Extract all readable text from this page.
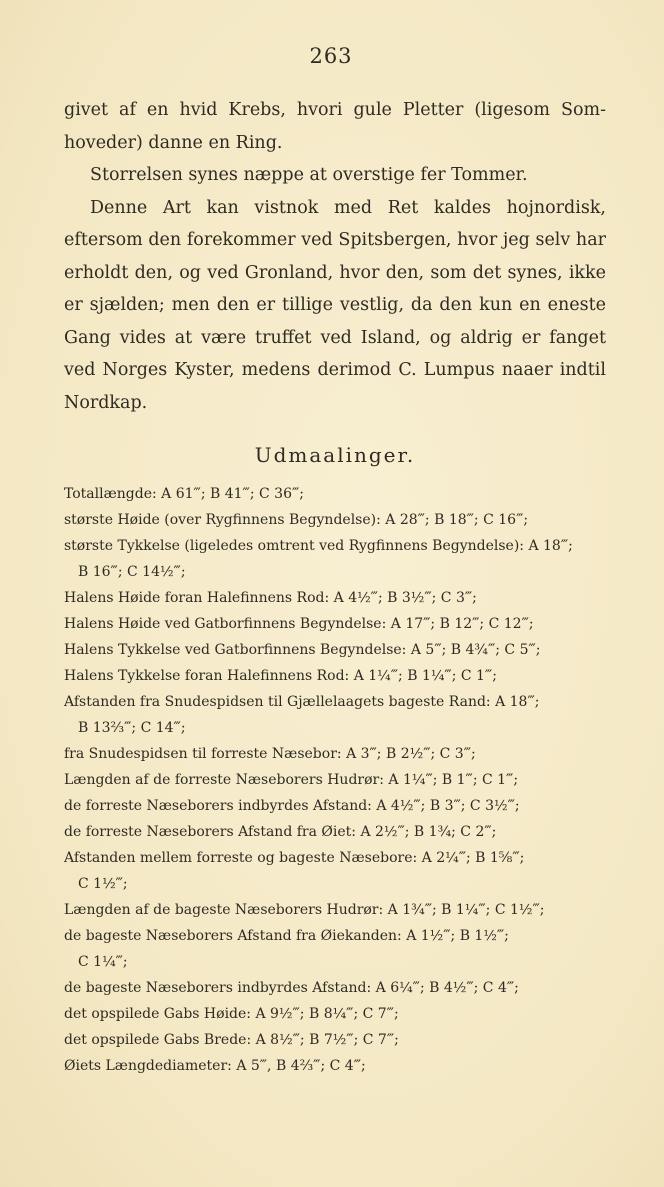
263

givet af en hvid Krebs, hvori gule Pletter (ligesom Som-hoveder) danne en Ring.

Storrelsen synes næppe at overstige fer Tommer.

Denne Art kan vistnok med Ret kaldes hojnordisk, eftersom den forekommer ved Spitsbergen, hvor jeg selv har erholdt den, og ved Gronland, hvor den, som det synes, ikke er sjælden; men den er tillige vestlig, da den kun en eneste Gang vides at være truffet ved Island, og aldrig er fanget ved Norges Kyster, medens derimod C. Lumpus naaer indtil Nordkap.

Udmaalinger.
Totallængde: A 61‴; B 41‴; C 36‴;
største Høide (over Rygfinnens Begyndelse): A 28‴; B 18‴; C 16‴;
største Tykkelse (ligeledes omtrent ved Rygfinnens Begyndelse): A 18‴;
B 16‴; C 14½‴;
Halens Høide foran Halefinnens Rod: A 4½‴; B 3½‴; C 3‴;
Halens Høide ved Gatborfinnens Begyndelse: A 17‴; B 12‴; C 12‴;
Halens Tykkelse ved Gatborfinnens Begyndelse: A 5‴; B 4¾‴; C 5‴;
Halens Tykkelse foran Halefinnens Rod: A 1¼‴; B 1¼‴; C 1‴;
Afstanden fra Snudespidsen til Gjællelaagets bageste Rand: A 18‴;
B 13⅔‴; C 14‴;
fra Snudespidsen til forreste Næsebor: A 3‴; B 2½‴; C 3‴;
Længden af de forreste Næseborers Hudrør: A 1¼‴; B 1‴; C 1‴;
de forreste Næseborers indbyrdes Afstand: A 4½‴; B 3‴; C 3½‴;
de forreste Næseborers Afstand fra Øiet: A 2½‴; B 1¾; C 2‴;
Afstanden mellem forreste og bageste Næsebore: A 2¼‴; B 1⅝‴;
C 1½‴;
Længden af de bageste Næseborers Hudrør: A 1¾‴; B 1¼‴; C 1½‴;
de bageste Næseborers Afstand fra Øiekanden: A 1½‴; B 1½‴;
C 1¼‴;
de bageste Næseborers indbyrdes Afstand: A 6¼‴; B 4½‴; C 4‴;
det opspilede Gabs Høide: A 9½‴; B 8¼‴; C 7‴;
det opspilede Gabs Brede: A 8½‴; B 7½‴; C 7‴;
Øiets Længdediameter: A 5‴, B 4⅔‴; C 4‴;
